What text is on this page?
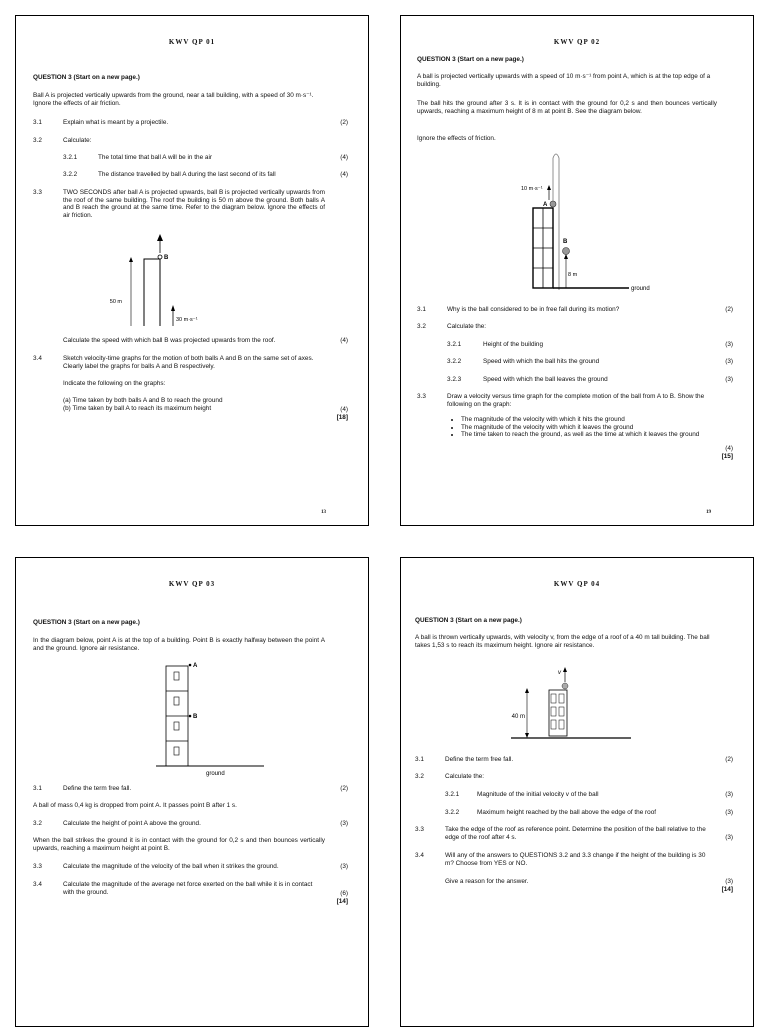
KWV QP 01
QUESTION 3 (Start on a new page.)
Ball A is projected vertically upwards from the ground, near a tall building, with a speed of 30 m·s⁻¹. Ignore the effects of air friction.
3.1	Explain what is meant by a projectile.	(2)
3.2	Calculate:
3.2.1	The total time that ball A will be in the air	(4)
3.2.2	The distance travelled by ball A during the last second of its fall	(4)
3.3	TWO SECONDS after ball A is projected upwards, ball B is projected vertically upwards from the roof of the same building. The roof the building is 50 m above the ground. Both balls A and B reach the ground at the same time. Refer to the diagram below. Ignore the effects of air friction.
B
50 m
30 m·s⁻¹
Calculate the speed with which ball B was projected upwards from the roof.	(4)
3.4	Sketch velocity-time graphs for the motion of both balls A and B on the same set of axes. Clearly label the graphs for balls A and B respectively.
Indicate the following on the graphs:
(a) Time taken by both balls A and B to reach the ground
(b) Time taken by ball A to reach its maximum height	(4)
[18]
13
KWV QP 02
QUESTION 3 (Start on a new page.)
A ball is projected vertically upwards with a speed of 10 m·s⁻¹ from point A, which is at the top edge of a building.
The ball hits the ground after 3 s. It is in contact with the ground for 0,2 s and then bounces vertically upwards, reaching a maximum height of 8 m at point B. See the diagram below.
Ignore the effects of friction.
10 m·s⁻¹
A
B
8 m
ground
3.1	Why is the ball considered to be in free fall during its motion?	(2)
3.2	Calculate the:
3.2.1	Height of the building	(3)
3.2.2	Speed with which the ball hits the ground	(3)
3.2.3	Speed with which the ball leaves the ground	(3)
3.3	Draw a velocity versus time graph for the complete motion of the ball from A to B. Show the following on the graph:
• The magnitude of the velocity with which it hits the ground
• The magnitude of the velocity with which it leaves the ground
• The time taken to reach the ground, as well as the time at which it leaves the ground
(4)
[15]
19
KWV QP 03
QUESTION 3 (Start on a new page.)
In the diagram below, point A is at the top of a building. Point B is exactly halfway between the point A and the ground. Ignore air resistance.
A
B
ground
3.1	Define the term free fall.	(2)
A ball of mass 0,4 kg is dropped from point A. It passes point B after 1 s.
3.2	Calculate the height of point A above the ground.	(3)
When the ball strikes the ground it is in contact with the ground for 0,2 s and then bounces vertically upwards, reaching a maximum height at point B.
3.3	Calculate the magnitude of the velocity of the ball when it strikes the ground.	(3)
3.4	Calculate the magnitude of the average net force exerted on the ball while it is in contact with the ground.	(6)
[14]
KWV QP 04
QUESTION 3 (Start on a new page.)
A ball is thrown vertically upwards, with velocity v, from the edge of a roof of a 40 m tall building. The ball takes 1,53 s to reach its maximum height. Ignore air resistance.
40 m
v
3.1	Define the term free fall.	(2)
3.2	Calculate the:
3.2.1	Magnitude of the initial velocity v of the ball	(3)
3.2.2	Maximum height reached by the ball above the edge of the roof	(3)
3.3	Take the edge of the roof as reference point. Determine the position of the ball relative to the edge of the roof after 4 s.	(3)
3.4	Will any of the answers to QUESTIONS 3.2 and 3.3 change if the height of the building is 30 m? Choose from YES or NO.
Give a reason for the answer.	(3)
[14]
